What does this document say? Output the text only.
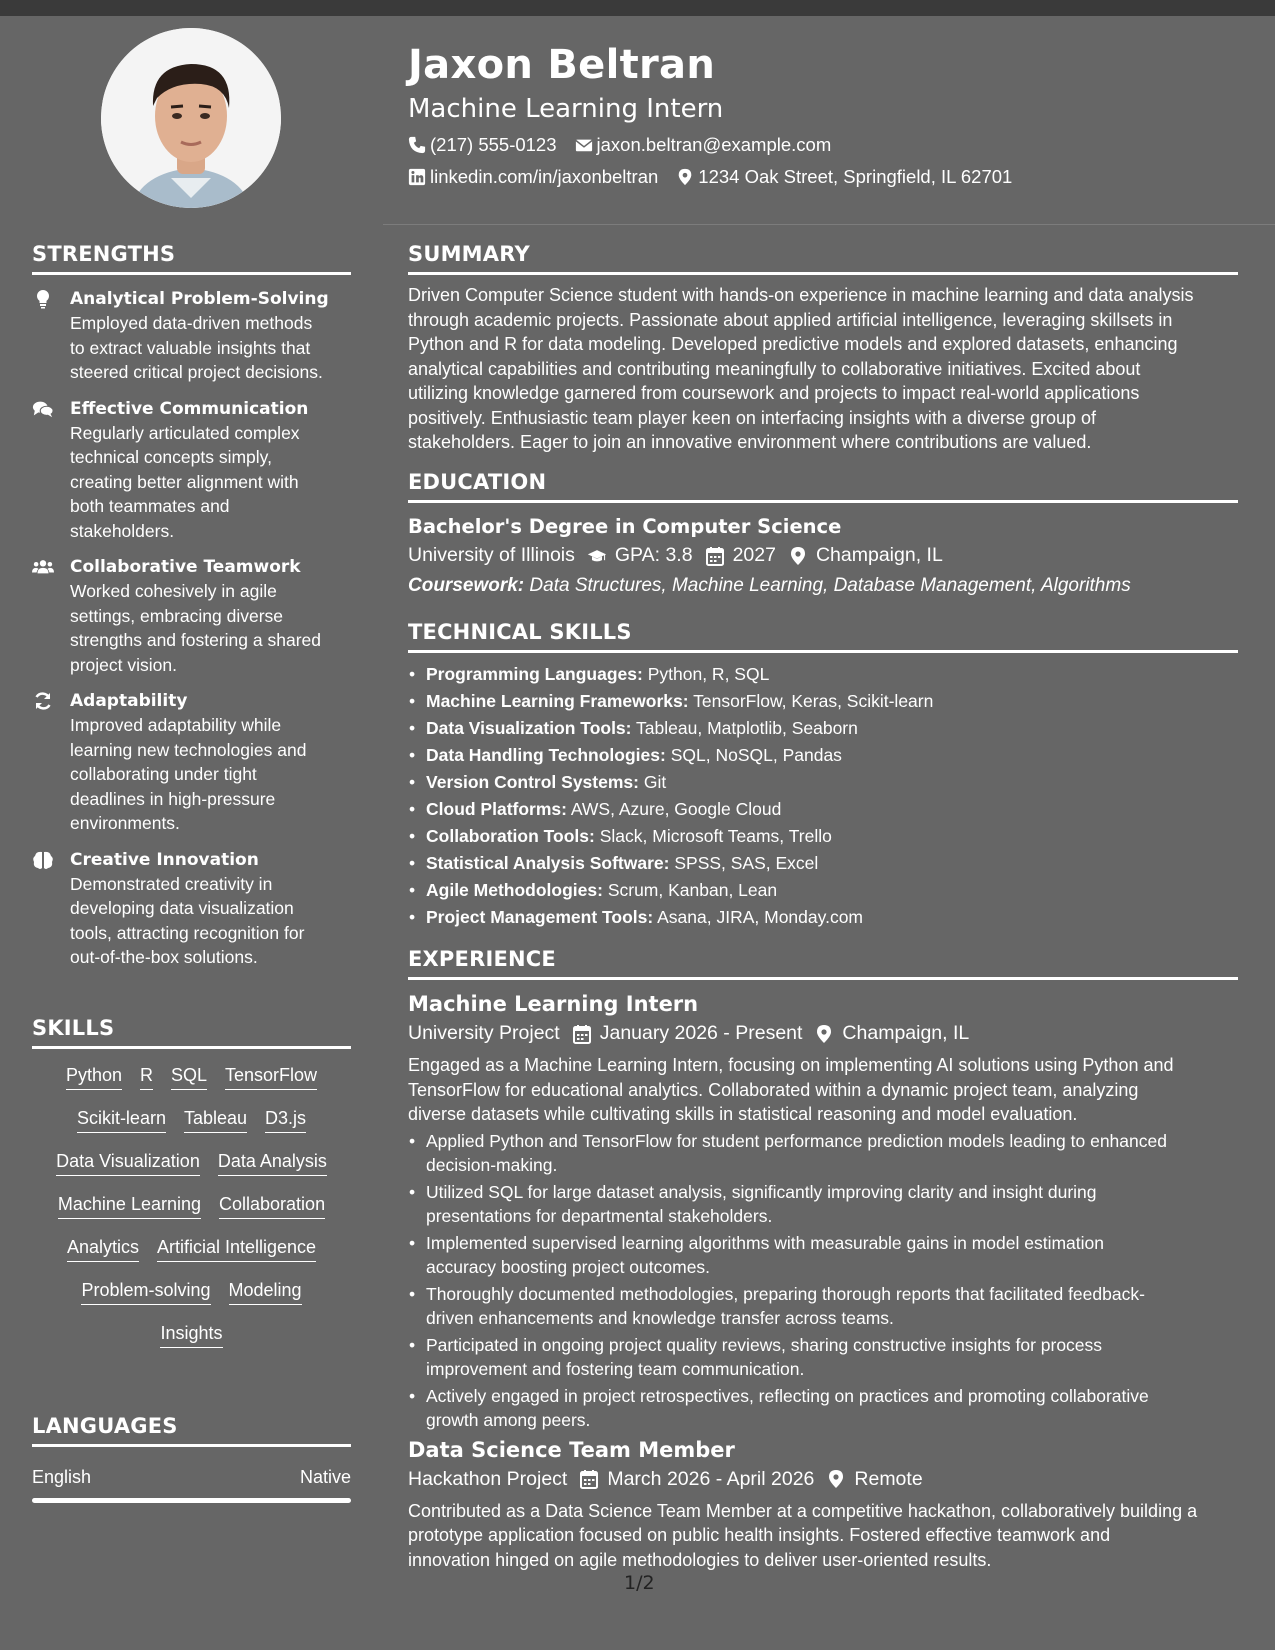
STRENGTHS
Analytical Problem-Solving
Employed data-driven methods
to extract valuable insights that
steered critical project decisions.
Effective Communication
Regularly articulated complex
technical concepts simply,
creating better alignment with
both teammates and
stakeholders.
Collaborative Teamwork
Worked cohesively in agile
settings, embracing diverse
strengths and fostering a shared
project vision.
Adaptability
Improved adaptability while
learning new technologies and
collaborating under tight
deadlines in high-pressure
environments.
Creative Innovation
Demonstrated creativity in
developing data visualization
tools, attracting recognition for
out-of-the-box solutions.
SKILLS
Python R SQL TensorFlow
Scikit-learn Tableau D3.js
Data Visualization Data Analysis
Machine Learning Collaboration
Analytics Artificial Intelligence
Problem-solving Modeling
Insights
LANGUAGES
English	Native
Jaxon Beltran
Machine Learning Intern
(217) 555-0123 jaxon.beltran@example.com
linkedin.com/in/jaxonbeltran 1234 Oak Street, Springfield, IL 62701
SUMMARY
Driven Computer Science student with hands-on experience in machine learning and data analysis
through academic projects. Passionate about applied artificial intelligence, leveraging skillsets in
Python and R for data modeling. Developed predictive models and explored datasets, enhancing
analytical capabilities and contributing meaningfully to collaborative initiatives. Excited about
utilizing knowledge garnered from coursework and projects to impact real-world applications
positively. Enthusiastic team player keen on interfacing insights with a diverse group of
stakeholders. Eager to join an innovative environment where contributions are valued.
EDUCATION
Bachelor's Degree in Computer Science
University of Illinois GPA: 3.8 2027 Champaign, IL
Coursework: Data Structures, Machine Learning, Database Management, Algorithms
TECHNICAL SKILLS
• Programming Languages: Python, R, SQL
• Machine Learning Frameworks: TensorFlow, Keras, Scikit-learn
• Data Visualization Tools: Tableau, Matplotlib, Seaborn
• Data Handling Technologies: SQL, NoSQL, Pandas
• Version Control Systems: Git
• Cloud Platforms: AWS, Azure, Google Cloud
• Collaboration Tools: Slack, Microsoft Teams, Trello
• Statistical Analysis Software: SPSS, SAS, Excel
• Agile Methodologies: Scrum, Kanban, Lean
• Project Management Tools: Asana, JIRA, Monday.com
EXPERIENCE
Machine Learning Intern
University Project January 2026 - Present Champaign, IL
Engaged as a Machine Learning Intern, focusing on implementing AI solutions using Python and
TensorFlow for educational analytics. Collaborated within a dynamic project team, analyzing
diverse datasets while cultivating skills in statistical reasoning and model evaluation.
• Applied Python and TensorFlow for student performance prediction models leading to enhanced
decision-making.
• Utilized SQL for large dataset analysis, significantly improving clarity and insight during
presentations for departmental stakeholders.
• Implemented supervised learning algorithms with measurable gains in model estimation
accuracy boosting project outcomes.
• Thoroughly documented methodologies, preparing thorough reports that facilitated feedback-
driven enhancements and knowledge transfer across teams.
• Participated in ongoing project quality reviews, sharing constructive insights for process
improvement and fostering team communication.
• Actively engaged in project retrospectives, reflecting on practices and promoting collaborative
growth among peers.
Data Science Team Member
Hackathon Project March 2026 - April 2026 Remote
Contributed as a Data Science Team Member at a competitive hackathon, collaboratively building a
prototype application focused on public health insights. Fostered effective teamwork and
innovation hinged on agile methodologies to deliver user-oriented results.
1/2
